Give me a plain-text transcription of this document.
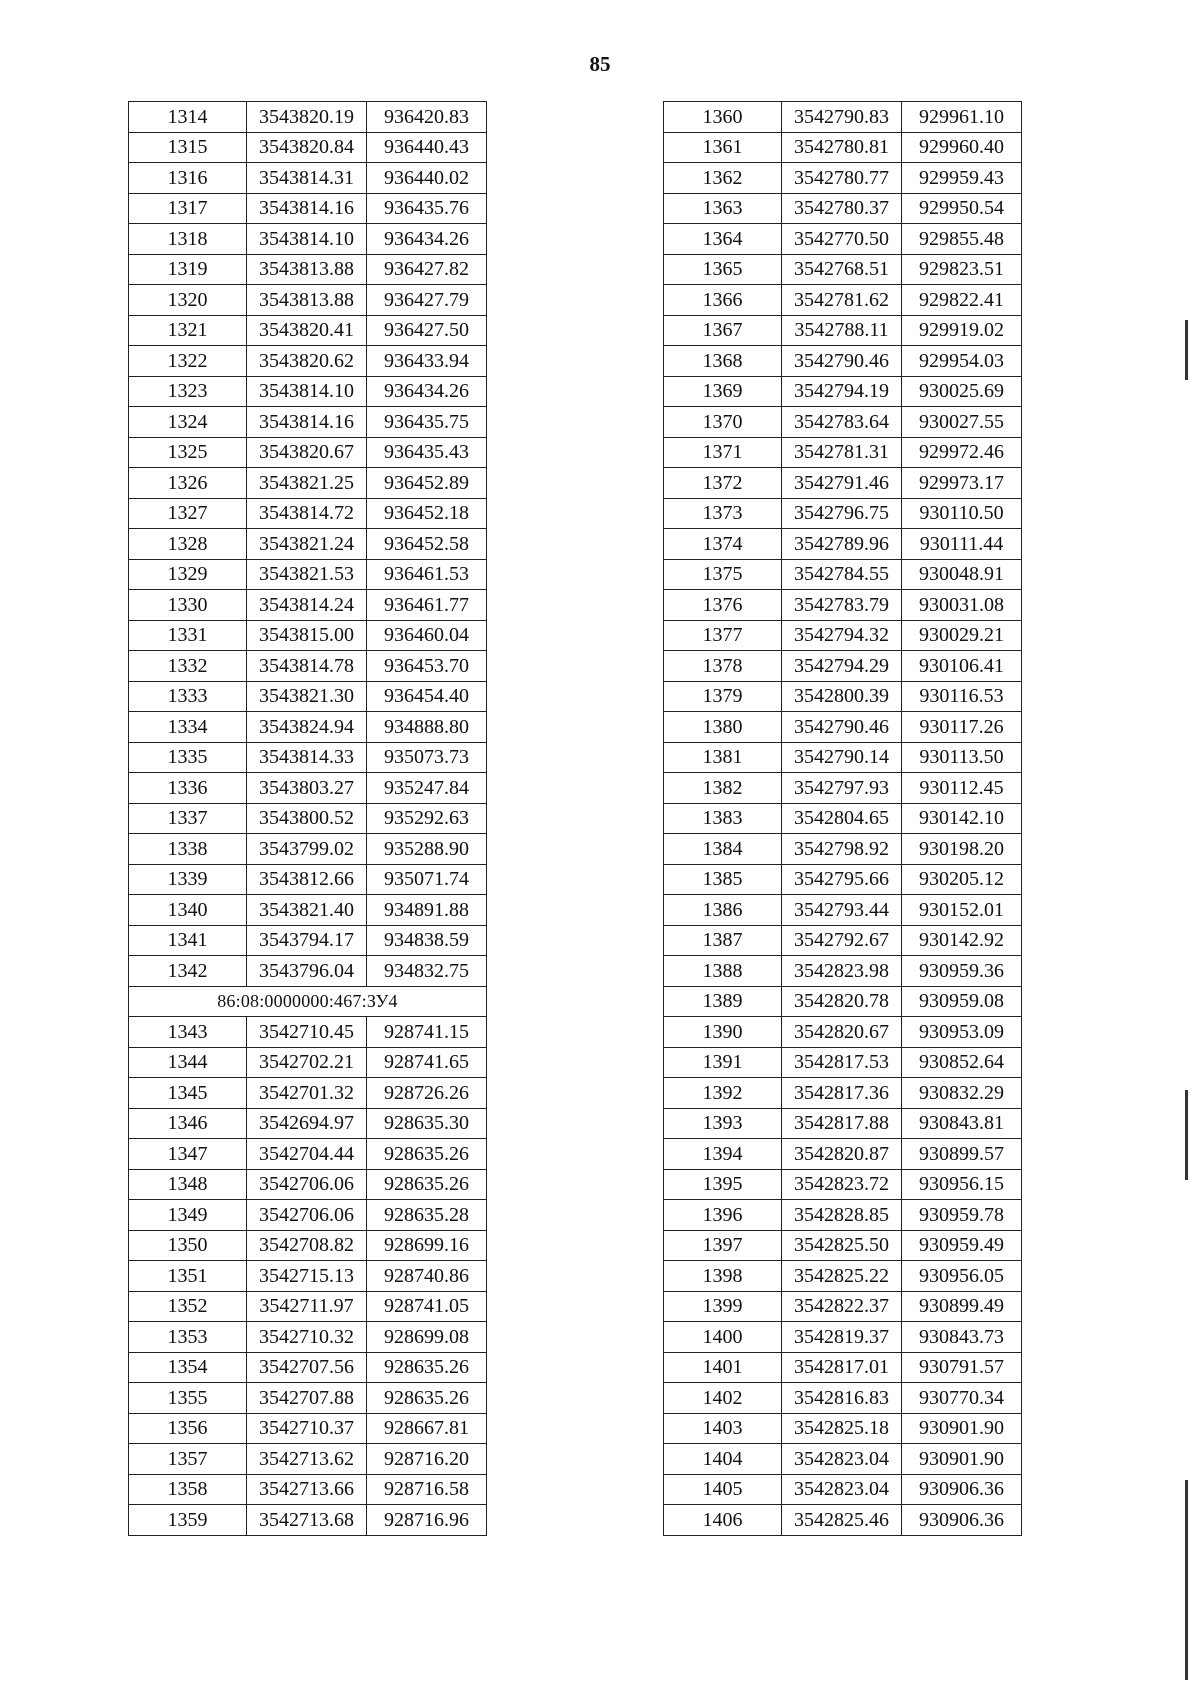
85
1314	3543820.19	936420.83
1315	3543820.84	936440.43
1316	3543814.31	936440.02
1317	3543814.16	936435.76
1318	3543814.10	936434.26
1319	3543813.88	936427.82
1320	3543813.88	936427.79
1321	3543820.41	936427.50
1322	3543820.62	936433.94
1323	3543814.10	936434.26
1324	3543814.16	936435.75
1325	3543820.67	936435.43
1326	3543821.25	936452.89
1327	3543814.72	936452.18
1328	3543821.24	936452.58
1329	3543821.53	936461.53
1330	3543814.24	936461.77
1331	3543815.00	936460.04
1332	3543814.78	936453.70
1333	3543821.30	936454.40
1334	3543824.94	934888.80
1335	3543814.33	935073.73
1336	3543803.27	935247.84
1337	3543800.52	935292.63
1338	3543799.02	935288.90
1339	3543812.66	935071.74
1340	3543821.40	934891.88
1341	3543794.17	934838.59
1342	3543796.04	934832.75
86:08:0000000:467:ЗУ4		
1343	3542710.45	928741.15
1344	3542702.21	928741.65
1345	3542701.32	928726.26
1346	3542694.97	928635.30
1347	3542704.44	928635.26
1348	3542706.06	928635.26
1349	3542706.06	928635.28
1350	3542708.82	928699.16
1351	3542715.13	928740.86
1352	3542711.97	928741.05
1353	3542710.32	928699.08
1354	3542707.56	928635.26
1355	3542707.88	928635.26
1356	3542710.37	928667.81
1357	3542713.62	928716.20
1358	3542713.66	928716.58
1359	3542713.68	928716.96
1360	3542790.83	929961.10
1361	3542780.81	929960.40
1362	3542780.77	929959.43
1363	3542780.37	929950.54
1364	3542770.50	929855.48
1365	3542768.51	929823.51
1366	3542781.62	929822.41
1367	3542788.11	929919.02
1368	3542790.46	929954.03
1369	3542794.19	930025.69
1370	3542783.64	930027.55
1371	3542781.31	929972.46
1372	3542791.46	929973.17
1373	3542796.75	930110.50
1374	3542789.96	930111.44
1375	3542784.55	930048.91
1376	3542783.79	930031.08
1377	3542794.32	930029.21
1378	3542794.29	930106.41
1379	3542800.39	930116.53
1380	3542790.46	930117.26
1381	3542790.14	930113.50
1382	3542797.93	930112.45
1383	3542804.65	930142.10
1384	3542798.92	930198.20
1385	3542795.66	930205.12
1386	3542793.44	930152.01
1387	3542792.67	930142.92
1388	3542823.98	930959.36
1389	3542820.78	930959.08
1390	3542820.67	930953.09
1391	3542817.53	930852.64
1392	3542817.36	930832.29
1393	3542817.88	930843.81
1394	3542820.87	930899.57
1395	3542823.72	930956.15
1396	3542828.85	930959.78
1397	3542825.50	930959.49
1398	3542825.22	930956.05
1399	3542822.37	930899.49
1400	3542819.37	930843.73
1401	3542817.01	930791.57
1402	3542816.83	930770.34
1403	3542825.18	930901.90
1404	3542823.04	930901.90
1405	3542823.04	930906.36
1406	3542825.46	930906.36
